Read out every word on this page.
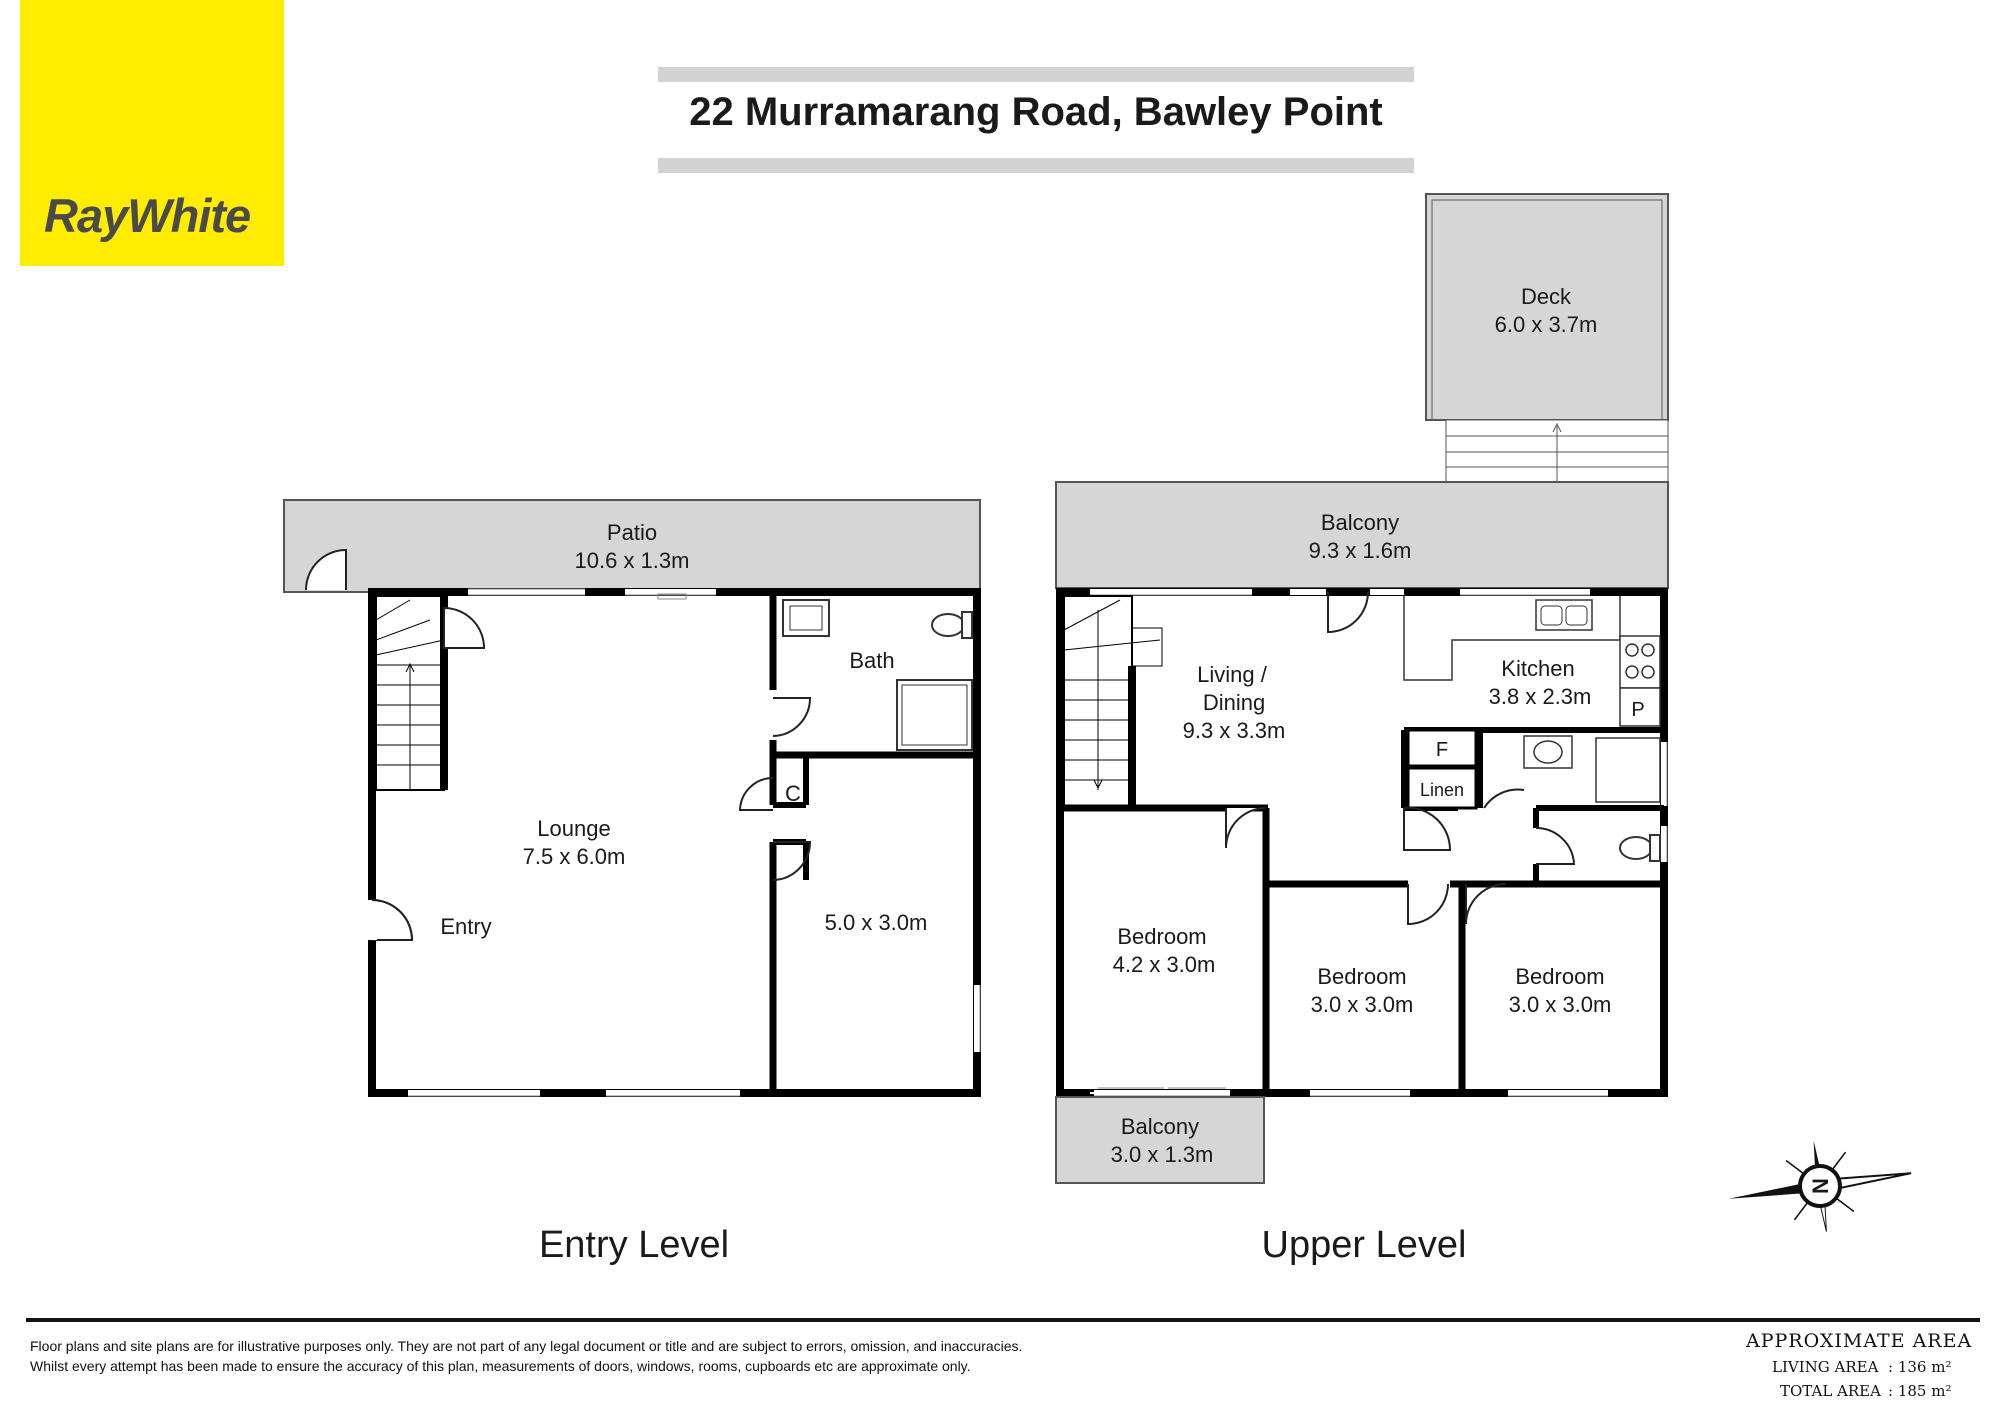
RayWhite
22 Murramarang Road, Bawley Point
Patio
10.6 x 1.3m
Bath
C
Lounge
7.5 x 6.0m
Entry	5.0 x 3.0m
Deck
6.0 x 3.7m
Balcony
9.3 x 1.6m
Living /
Dining
9.3 x 3.3m
Kitchen
3.8 x 2.3m
P
F
Linen
Bedroom
4.2 x 3.0m	Bedroom
3.0 x 3.0m
Bedroom
3.0 x 3.0m
Balcony
3.0 x 1.3m
Entry Level	Upper Level
N
Floor plans and site plans are for illustrative purposes only. They are not part of any legal document or title and are subject to errors, omission, and inaccuracies.
Whilst every attempt has been made to ensure the accuracy of this plan, measurements of doors, windows, rooms, cupboards etc are approximate only.
APPROXIMATE AREA
LIVING AREA : 136 m²
TOTAL AREA : 185 m²
